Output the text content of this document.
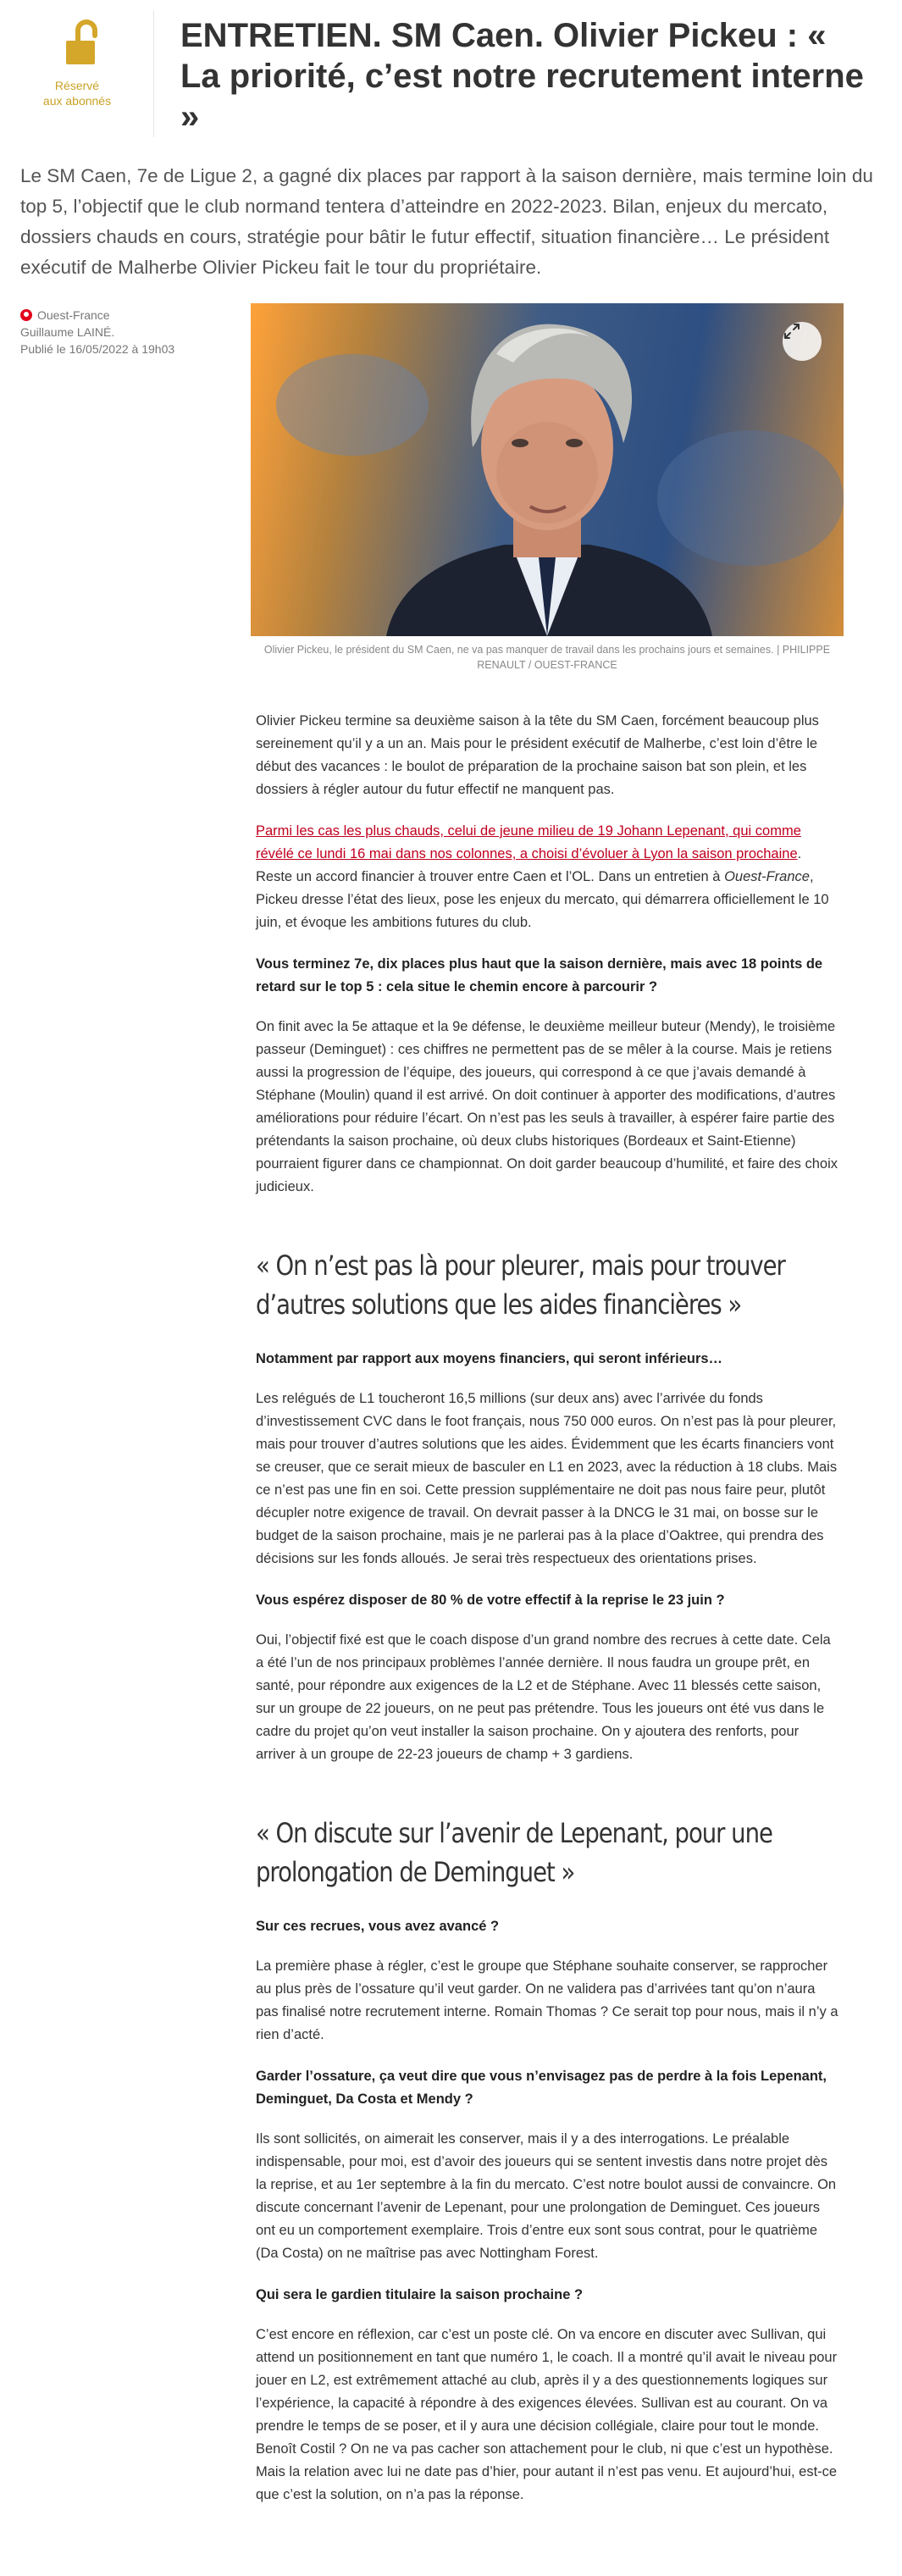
Réservé
aux abonnés
ENTRETIEN. SM Caen. Olivier Pickeu : « La priorité, c’est notre recrutement interne »

Le SM Caen, 7e de Ligue 2, a gagné dix places par rapport à la saison dernière, mais termine loin du top 5, l’objectif que le club normand tentera d’atteindre en 2022-2023. Bilan, enjeux du mercato, dossiers chauds en cours, stratégie pour bâtir le futur effectif, situation financière… Le président exécutif de Malherbe Olivier Pickeu fait le tour du propriétaire.

Ouest-France
Guillaume LAINÉ.
Publié le 16/05/2022 à 19h03

Olivier Pickeu, le président du SM Caen, ne va pas manquer de travail dans les prochains jours et semaines. | PHILIPPE RENAULT / OUEST-FRANCE

Olivier Pickeu termine sa deuxième saison à la tête du SM Caen, forcément beaucoup plus sereinement qu’il y a un an. Mais pour le président exécutif de Malherbe, c’est loin d’être le début des vacances : le boulot de préparation de la prochaine saison bat son plein, et les dossiers à régler autour du futur effectif ne manquent pas.

Parmi les cas les plus chauds, celui de jeune milieu de 19 Johann Lepenant, qui comme révélé ce lundi 16 mai dans nos colonnes, a choisi d’évoluer à Lyon la saison prochaine. Reste un accord financier à trouver entre Caen et l’OL. Dans un entretien à Ouest-France, Pickeu dresse l’état des lieux, pose les enjeux du mercato, qui démarrera officiellement le 10 juin, et évoque les ambitions futures du club.

Vous terminez 7e, dix places plus haut que la saison dernière, mais avec 18 points de retard sur le top 5 : cela situe le chemin encore à parcourir ?

On finit avec la 5e attaque et la 9e défense, le deuxième meilleur buteur (Mendy), le troisième passeur (Deminguet) : ces chiffres ne permettent pas de se mêler à la course. Mais je retiens aussi la progression de l’équipe, des joueurs, qui correspond à ce que j’avais demandé à Stéphane (Moulin) quand il est arrivé. On doit continuer à apporter des modifications, d’autres améliorations pour réduire l’écart. On n’est pas les seuls à travailler, à espérer faire partie des prétendants la saison prochaine, où deux clubs historiques (Bordeaux et Saint-Etienne) pourraient figurer dans ce championnat. On doit garder beaucoup d’humilité, et faire des choix judicieux.

« On n’est pas là pour pleurer, mais pour trouver d’autres solutions que les aides financières »

Notamment par rapport aux moyens financiers, qui seront inférieurs…

Les relégués de L1 toucheront 16,5 millions (sur deux ans) avec l’arrivée du fonds d’investissement CVC dans le foot français, nous 750 000 euros. On n’est pas là pour pleurer, mais pour trouver d’autres solutions que les aides. Évidemment que les écarts financiers vont se creuser, que ce serait mieux de basculer en L1 en 2023, avec la réduction à 18 clubs. Mais ce n’est pas une fin en soi. Cette pression supplémentaire ne doit pas nous faire peur, plutôt décupler notre exigence de travail. On devrait passer à la DNCG le 31 mai, on bosse sur le budget de la saison prochaine, mais je ne parlerai pas à la place d’Oaktree, qui prendra des décisions sur les fonds alloués. Je serai très respectueux des orientations prises.

Vous espérez disposer de 80 % de votre effectif à la reprise le 23 juin ?

Oui, l’objectif fixé est que le coach dispose d’un grand nombre des recrues à cette date. Cela a été l’un de nos principaux problèmes l’année dernière. Il nous faudra un groupe prêt, en santé, pour répondre aux exigences de la L2 et de Stéphane. Avec 11 blessés cette saison, sur un groupe de 22 joueurs, on ne peut pas prétendre. Tous les joueurs ont été vus dans le cadre du projet qu’on veut installer la saison prochaine. On y ajoutera des renforts, pour arriver à un groupe de 22-23 joueurs de champ + 3 gardiens.

« On discute sur l’avenir de Lepenant, pour une prolongation de Deminguet »

Sur ces recrues, vous avez avancé ?

La première phase à régler, c’est le groupe que Stéphane souhaite conserver, se rapprocher au plus près de l’ossature qu’il veut garder. On ne validera pas d’arrivées tant qu’on n’aura pas finalisé notre recrutement interne. Romain Thomas ? Ce serait top pour nous, mais il n’y a rien d’acté.

Garder l’ossature, ça veut dire que vous n’envisagez pas de perdre à la fois Lepenant, Deminguet, Da Costa et Mendy ?

Ils sont sollicités, on aimerait les conserver, mais il y a des interrogations. Le préalable indispensable, pour moi, est d’avoir des joueurs qui se sentent investis dans notre projet dès la reprise, et au 1er septembre à la fin du mercato. C’est notre boulot aussi de convaincre. On discute concernant l’avenir de Lepenant, pour une prolongation de Deminguet. Ces joueurs ont eu un comportement exemplaire. Trois d’entre eux sont sous contrat, pour le quatrième (Da Costa) on ne maîtrise pas avec Nottingham Forest.

Qui sera le gardien titulaire la saison prochaine ?

C’est encore en réflexion, car c’est un poste clé. On va encore en discuter avec Sullivan, qui attend un positionnement en tant que numéro 1, le coach. Il a montré qu’il avait le niveau pour jouer en L2, est extrêmement attaché au club, après il y a des questionnements logiques sur l’expérience, la capacité à répondre à des exigences élevées. Sullivan est au courant. On va prendre le temps de se poser, et il y aura une décision collégiale, claire pour tout le monde. Benoît Costil ? On ne va pas cacher son attachement pour le club, ni que c’est un hypothèse. Mais la relation avec lui ne date pas d’hier, pour autant il n’est pas venu. Et aujourd’hui, est-ce que c’est la solution, on n’a pas la réponse.
